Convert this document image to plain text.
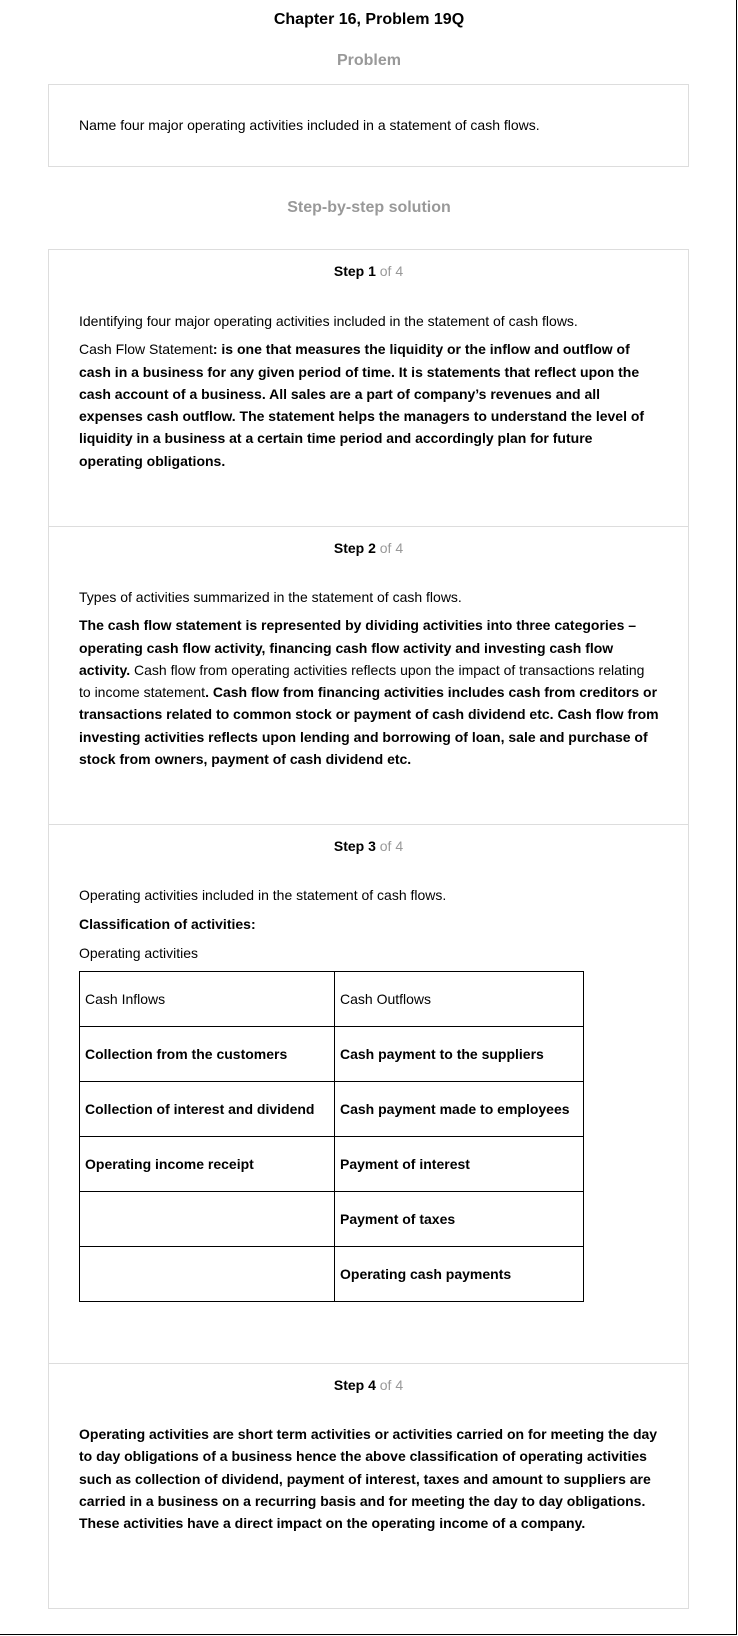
Chapter 16, Problem 19Q
Problem
Name four major operating activities included in a statement of cash flows.
Step-by-step solution
Step 1 of 4

Identifying four major operating activities included in the statement of cash flows.

Cash Flow Statement: is one that measures the liquidity or the inflow and outflow of cash in a business for any given period of time. It is statements that reflect upon the cash account of a business. All sales are a part of company’s revenues and all expenses cash outflow. The statement helps the managers to understand the level of liquidity in a business at a certain time period and accordingly plan for future operating obligations.

Step 2 of 4

Types of activities summarized in the statement of cash flows.

The cash flow statement is represented by dividing activities into three categories – operating cash flow activity, financing cash flow activity and investing cash flow activity. Cash flow from operating activities reflects upon the impact of transactions relating to income statement. Cash flow from financing activities includes cash from creditors or transactions related to common stock or payment of cash dividend etc. Cash flow from investing activities reflects upon lending and borrowing of loan, sale and purchase of stock from owners, payment of cash dividend etc.

Step 3 of 4

Operating activities included in the statement of cash flows.

Classification of activities:

Operating activities

Cash Inflows	Cash Outflows
Collection from the customers	Cash payment to the suppliers
Collection of interest and dividend	Cash payment made to employees
Operating income receipt	Payment of interest
	Payment of taxes
	Operating cash payments
Step 4 of 4

Operating activities are short term activities or activities carried on for meeting the day to day obligations of a business hence the above classification of operating activities such as collection of dividend, payment of interest, taxes and amount to suppliers are carried in a business on a recurring basis and for meeting the day to day obligations. These activities have a direct impact on the operating income of a company.
